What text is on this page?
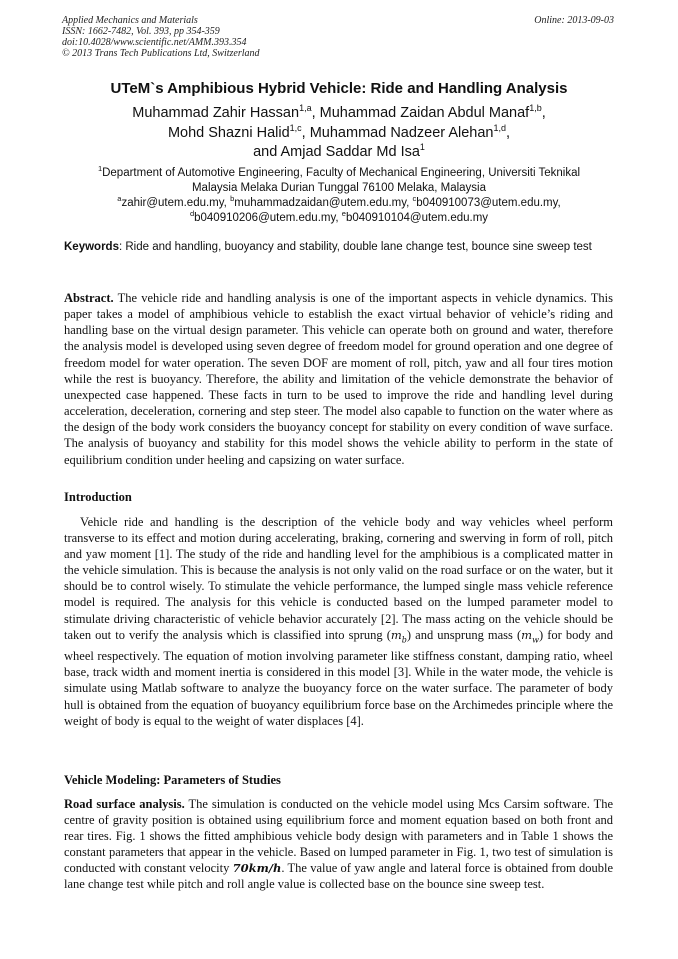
Applied Mechanics and Materials
ISSN: 1662-7482, Vol. 393, pp 354-359
doi:10.4028/www.scientific.net/AMM.393.354
© 2013 Trans Tech Publications Ltd, Switzerland
Online: 2013-09-03
UTeM`s Amphibious Hybrid Vehicle: Ride and Handling Analysis
Muhammad Zahir Hassan$^{1,a}$, Muhammad Zaidan Abdul Manaf$^{1,b}$,
Mohd Shazni Halid$^{1,c}$, Muhammad Nadzeer Alehan$^{1,d}$,
and Amjad Saddar Md Isa$^1$
$^1$Department of Automotive Engineering, Faculty of Mechanical Engineering, Universiti Teknikal
Malaysia Melaka Durian Tunggal 76100 Melaka, Malaysia
$^a$zahir@utem.edu.my, $^b$muhammadzaidan@utem.edu.my, $^c$b040910073@utem.edu.my,
$^d$b040910206@utem.edu.my, $^e$b040910104@utem.edu.my
Keywords: Ride and handling, buoyancy and stability, double lane change test, bounce sine sweep test
Abstract. The vehicle ride and handling analysis is one of the important aspects in vehicle dynamics. This paper takes a model of amphibious vehicle to establish the exact virtual behavior of vehicle’s riding and handling base on the virtual design parameter. This vehicle can operate both on ground and water, therefore the analysis model is developed using seven degree of freedom model for ground operation and one degree of freedom model for water operation. The seven DOF are moment of roll, pitch, yaw and all four tires motion while the rest is buoyancy. Therefore, the ability and limitation of the vehicle demonstrate the behavior of unexpected case happened. These facts in turn to be used to improve the ride and handling level during acceleration, deceleration, cornering and step steer. The model also capable to function on the water where as the design of the body work considers the buoyancy concept for stability on every condition of wave surface. The analysis of buoyancy and stability for this model shows the vehicle ability to perform in the state of equilibrium condition under heeling and capsizing on water surface.
Introduction
Vehicle ride and handling is the description of the vehicle body and way vehicles wheel perform transverse to its effect and motion during accelerating, braking, cornering and swerving in form of roll, pitch and yaw moment [1]. The study of the ride and handling level for the amphibious is a complicated matter in the vehicle simulation. This is because the analysis is not only valid on the road surface or on the water, but it should be to control wisely. To stimulate the vehicle performance, the lumped single mass vehicle reference model is required. The analysis for this vehicle is conducted based on the lumped parameter model to stimulate driving characteristic of vehicle behavior accurately [2]. The mass acting on the vehicle should be taken out to verify the analysis which is classified into sprung $(m_b)$ and unsprung mass $(m_w)$ for body and wheel respectively. The equation of motion involving parameter like stiffness constant, damping ratio, wheel base, track width and moment inertia is considered in this model [3]. While in the water mode, the vehicle is simulate using Matlab software to analyze the buoyancy force on the water surface. The parameter of body hull is obtained from the equation of buoyancy equilibrium force base on the Archimedes principle where the weight of body is equal to the weight of water displaces [4].
Vehicle Modeling: Parameters of Studies
Road surface analysis. The simulation is conducted on the vehicle model using Mcs Carsim software. The centre of gravity position is obtained using equilibrium force and moment equation based on both front and rear tires. Fig. 1 shows the fitted amphibious vehicle body design with parameters and in Table 1 shows the constant parameters that appear in the vehicle. Based on lumped parameter in Fig. 1, two test of simulation is conducted with constant velocity 70km/h. The value of yaw angle and lateral force is obtained from double lane change test while pitch and roll angle value is collected base on the bounce sine sweep test.
